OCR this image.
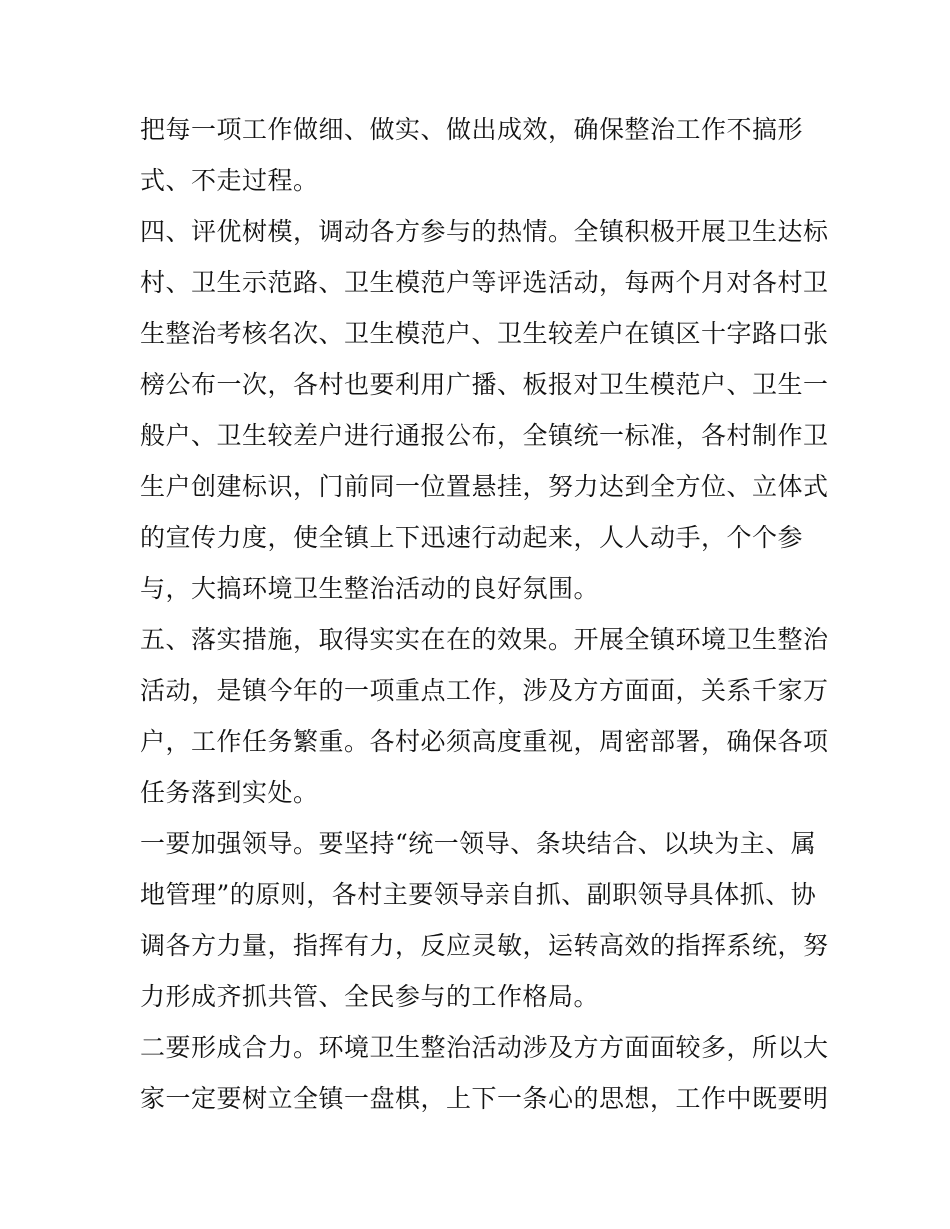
把每一项工作做细、做实、做出成效，确保整治工作不搞形
式、不走过程。
四、评优树模，调动各方参与的热情。全镇积极开展卫生达标
村、卫生示范路、卫生模范户等评选活动，每两个月对各村卫
生整治考核名次、卫生模范户、卫生较差户在镇区十字路口张
榜公布一次，各村也要利用广播、板报对卫生模范户、卫生一
般户、卫生较差户进行通报公布，全镇统一标准，各村制作卫
生户创建标识，门前同一位置悬挂，努力达到全方位、立体式
的宣传力度，使全镇上下迅速行动起来，人人动手，个个参
与，大搞环境卫生整治活动的良好氛围。
五、落实措施，取得实实在在的效果。开展全镇环境卫生整治
活动，是镇今年的一项重点工作，涉及方方面面，关系千家万
户，工作任务繁重。各村必须高度重视，周密部署，确保各项
任务落到实处。
一要加强领导。要坚持“统一领导、条块结合、以块为主、属
地管理”的原则，各村主要领导亲自抓、副职领导具体抓、协
调各方力量，指挥有力，反应灵敏，运转高效的指挥系统，努
力形成齐抓共管、全民参与的工作格局。
二要形成合力。环境卫生整治活动涉及方方面面较多，所以大
家一定要树立全镇一盘棋，上下一条心的思想，工作中既要明
